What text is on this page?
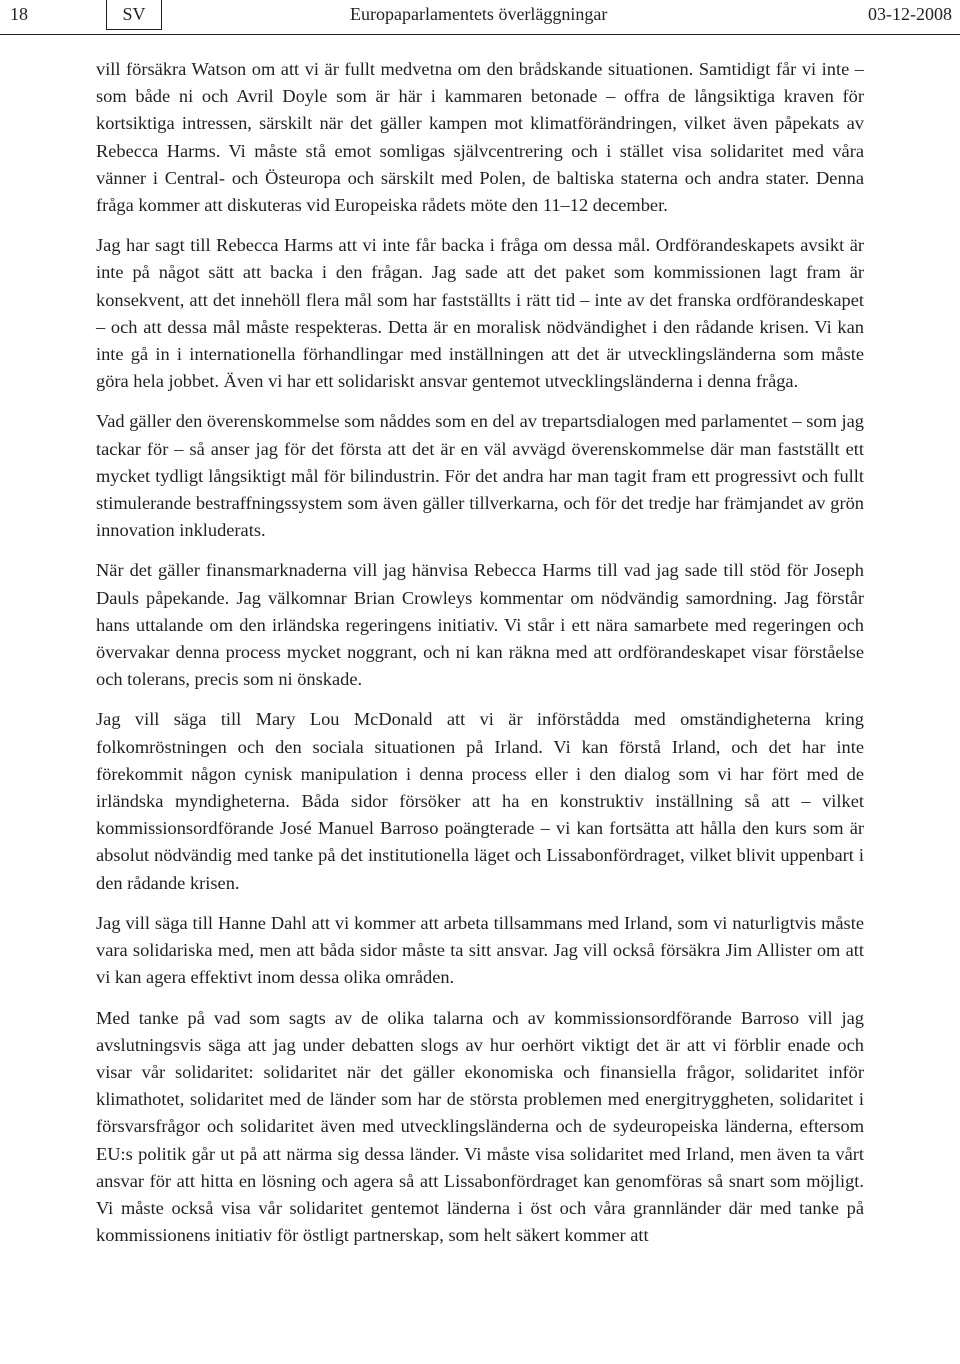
18	SV	Europaparlamentets överläggningar	03-12-2008

vill försäkra Watson om att vi är fullt medvetna om den brådskande situationen. Samtidigt får vi inte – som både ni och Avril Doyle som är här i kammaren betonade – offra de långsiktiga kraven för kortsiktiga intressen, särskilt när det gäller kampen mot klimatförändringen, vilket även påpekats av Rebecca Harms. Vi måste stå emot somligas självcentrering och i stället visa solidaritet med våra vänner i Central- och Östeuropa och särskilt med Polen, de baltiska staterna och andra stater. Denna fråga kommer att diskuteras vid Europeiska rådets möte den 11–12 december.

Jag har sagt till Rebecca Harms att vi inte får backa i fråga om dessa mål. Ordförandeskapets avsikt är inte på något sätt att backa i den frågan. Jag sade att det paket som kommissionen lagt fram är konsekvent, att det innehöll flera mål som har fastställts i rätt tid – inte av det franska ordförandeskapet – och att dessa mål måste respekteras. Detta är en moralisk nödvändighet i den rådande krisen. Vi kan inte gå in i internationella förhandlingar med inställningen att det är utvecklingsländerna som måste göra hela jobbet. Även vi har ett solidariskt ansvar gentemot utvecklingsländerna i denna fråga.

Vad gäller den överenskommelse som nåddes som en del av trepartsdialogen med parlamentet – som jag tackar för – så anser jag för det första att det är en väl avvägd överenskommelse där man fastställt ett mycket tydligt långsiktigt mål för bilindustrin. För det andra har man tagit fram ett progressivt och fullt stimulerande bestraffningssystem som även gäller tillverkarna, och för det tredje har främjandet av grön innovation inkluderats.

När det gäller finansmarknaderna vill jag hänvisa Rebecca Harms till vad jag sade till stöd för Joseph Dauls påpekande. Jag välkomnar Brian Crowleys kommentar om nödvändig samordning. Jag förstår hans uttalande om den irländska regeringens initiativ. Vi står i ett nära samarbete med regeringen och övervakar denna process mycket noggrant, och ni kan räkna med att ordförandeskapet visar förståelse och tolerans, precis som ni önskade.

Jag vill säga till Mary Lou McDonald att vi är införstådda med omständigheterna kring folkomröstningen och den sociala situationen på Irland. Vi kan förstå Irland, och det har inte förekommit någon cynisk manipulation i denna process eller i den dialog som vi har fört med de irländska myndigheterna. Båda sidor försöker att ha en konstruktiv inställning så att – vilket kommissionsordförande José Manuel Barroso poängterade – vi kan fortsätta att hålla den kurs som är absolut nödvändig med tanke på det institutionella läget och Lissabonfördraget, vilket blivit uppenbart i den rådande krisen.

Jag vill säga till Hanne Dahl att vi kommer att arbeta tillsammans med Irland, som vi naturligtvis måste vara solidariska med, men att båda sidor måste ta sitt ansvar. Jag vill också försäkra Jim Allister om att vi kan agera effektivt inom dessa olika områden.

Med tanke på vad som sagts av de olika talarna och av kommissionsordförande Barroso vill jag avslutningsvis säga att jag under debatten slogs av hur oerhört viktigt det är att vi förblir enade och visar vår solidaritet: solidaritet när det gäller ekonomiska och finansiella frågor, solidaritet inför klimathotet, solidaritet med de länder som har de största problemen med energitryggheten, solidaritet i försvarsfrågor och solidaritet även med utvecklingsländerna och de sydeuropeiska länderna, eftersom EU:s politik går ut på att närma sig dessa länder. Vi måste visa solidaritet med Irland, men även ta vårt ansvar för att hitta en lösning och agera så att Lissabonfördraget kan genomföras så snart som möjligt. Vi måste också visa vår solidaritet gentemot länderna i öst och våra grannländer där med tanke på kommissionens initiativ för östligt partnerskap, som helt säkert kommer att
